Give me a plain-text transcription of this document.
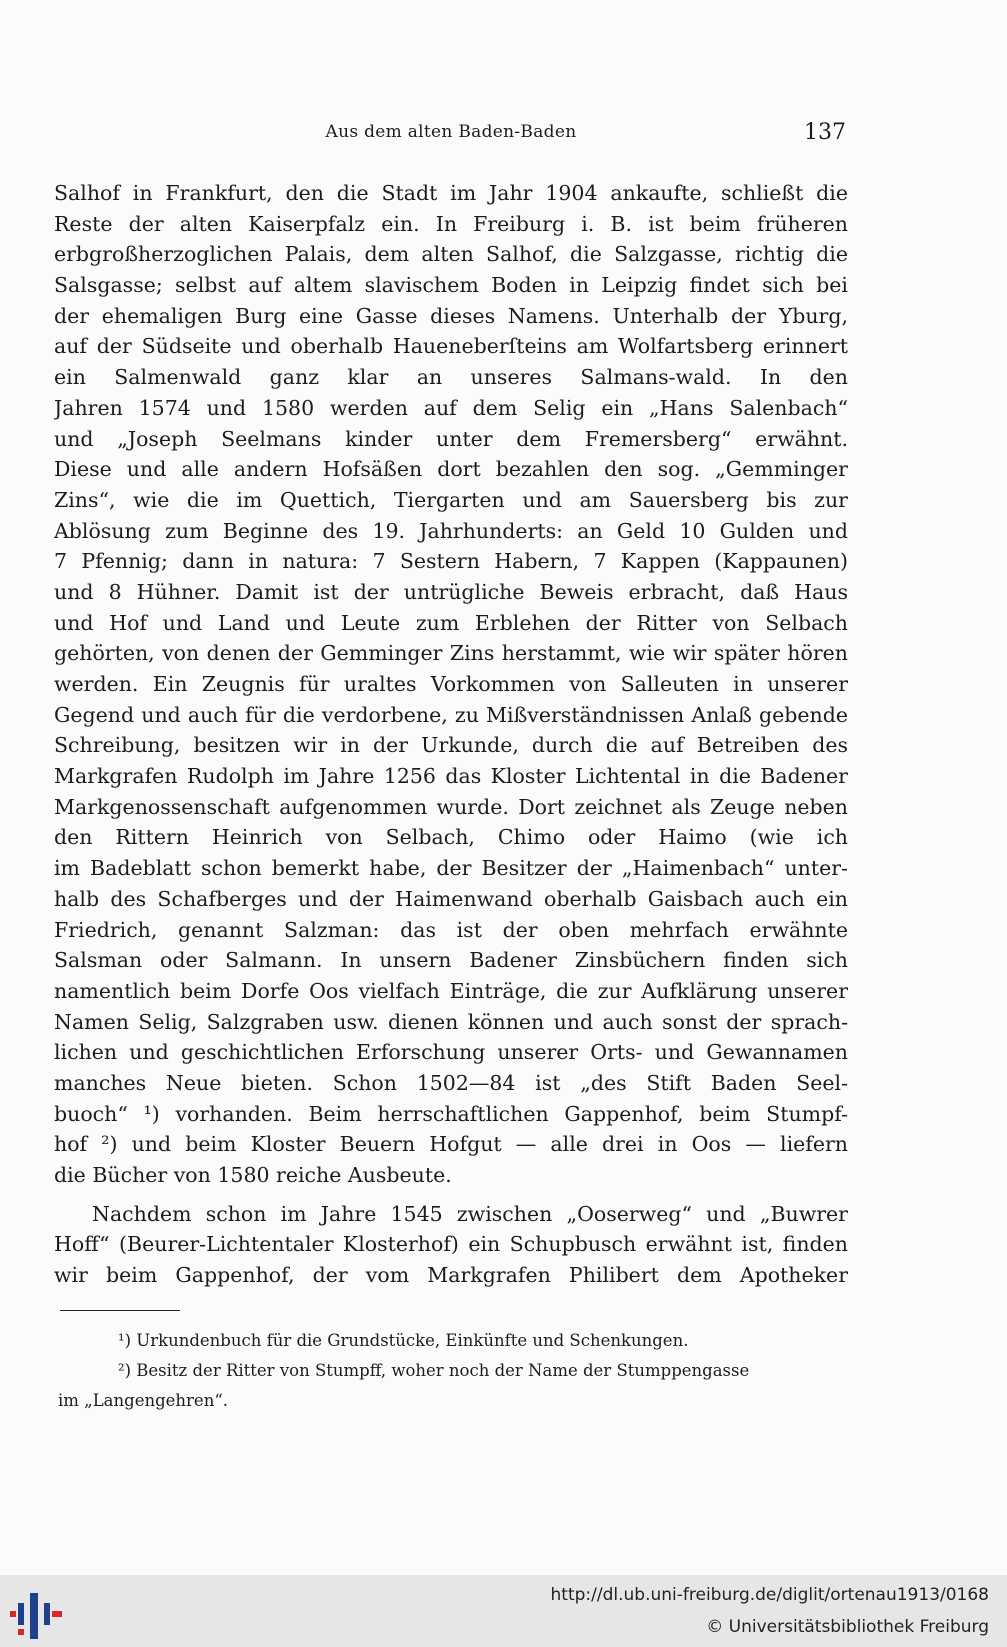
Aus dem alten Baden-Baden	137
Salhof in Frankfurt, den die Stadt im Jahr 1904 ankaufte, schließt die
Reste der alten Kaiserpfalz ein. In Freiburg i. B. ist beim früheren
erbgroßherzoglichen Palais, dem alten Salhof, die Salzgasse, richtig die
Salsgasse; selbst auf altem slavischem Boden in Leipzig findet sich bei
der ehemaligen Burg eine Gasse dieses Namens. Unterhalb der Yburg,
auf der Südseite und oberhalb Haueneberſteins am Wolfartsberg erinnert
ein Salmenwald ganz klar an unseres Salmans-wald. In den
Jahren 1574 und 1580 werden auf dem Selig ein „Hans Salenbach“
und „Joseph Seelmans kinder unter dem Fremersberg“ erwähnt.
Diese und alle andern Hofsäßen dort bezahlen den sog. „Gemminger
Zins“, wie die im Quettich, Tiergarten und am Sauersberg bis zur
Ablösung zum Beginne des 19. Jahrhunderts: an Geld 10 Gulden und
7 Pfennig; dann in natura: 7 Sestern Habern, 7 Kappen (Kappaunen)
und 8 Hühner. Damit ist der untrügliche Beweis erbracht, daß Haus
und Hof und Land und Leute zum Erblehen der Ritter von Selbach
gehörten, von denen der Gemminger Zins herstammt, wie wir später hören
werden. Ein Zeugnis für uraltes Vorkommen von Salleuten in unserer
Gegend und auch für die verdorbene, zu Mißverständnissen Anlaß gebende
Schreibung, besitzen wir in der Urkunde, durch die auf Betreiben des
Markgrafen Rudolph im Jahre 1256 das Kloster Lichtental in die Badener
Markgenossenschaft aufgenommen wurde. Dort zeichnet als Zeuge neben
den Rittern Heinrich von Selbach, Chimo oder Haimo (wie ich
im Badeblatt schon bemerkt habe, der Besitzer der „Haimenbach“ unter-
halb des Schafberges und der Haimenwand oberhalb Gaisbach auch ein
Friedrich, genannt Salzman: das ist der oben mehrfach erwähnte
Salsman oder Salmann. In unsern Badener Zinsbüchern finden sich
namentlich beim Dorfe Oos vielfach Einträge, die zur Aufklärung unserer
Namen Selig, Salzgraben usw. dienen können und auch sonst der sprach-
lichen und geschichtlichen Erforschung unserer Orts- und Gewannamen
manches Neue bieten. Schon 1502—84 ist „des Stift Baden Seel-
buoch“ ¹) vorhanden. Beim herrschaftlichen Gappenhof, beim Stumpf-
hof ²) und beim Kloster Beuern Hofgut — alle drei in Oos — liefern
die Bücher von 1580 reiche Ausbeute.
Nachdem schon im Jahre 1545 zwischen „Ooserweg“ und „Buwrer
Hoff“ (Beurer-Lichtentaler Klosterhof) ein Schupbusch erwähnt ist, finden
wir beim Gappenhof, der vom Markgrafen Philibert dem Apotheker
¹) Urkundenbuch für die Grundstücke, Einkünfte und Schenkungen.
²) Besitz der Ritter von Stumpff, woher noch der Name der Stumppengasse
im „Langengehren“.
http://dl.ub.uni-freiburg.de/diglit/ortenau1913/0168
© Universitätsbibliothek Freiburg
